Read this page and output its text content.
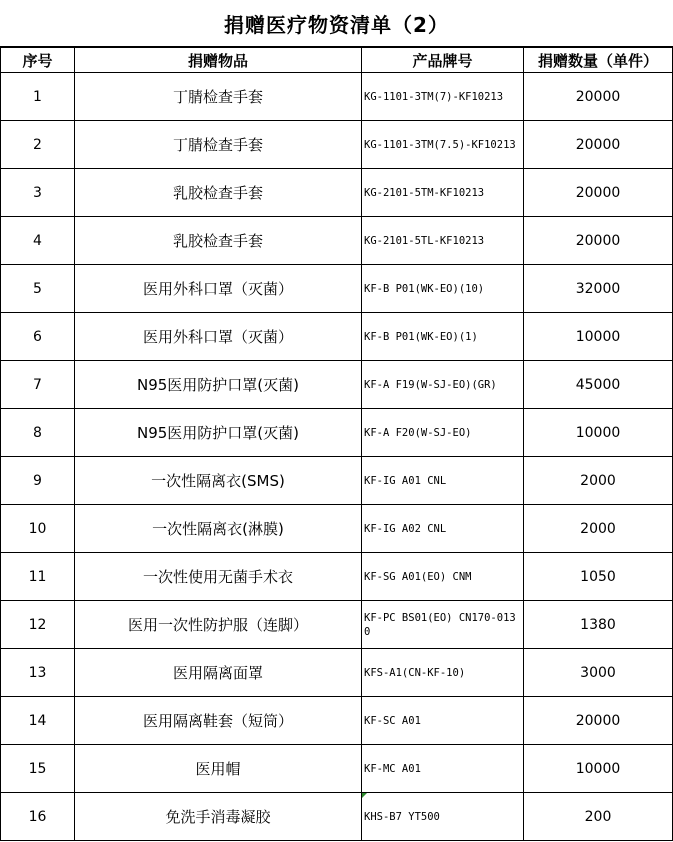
捐赠医疗物资清单（2）
序号	捐赠物品	产品牌号	捐赠数量（单件）
1	丁腈检查手套	KG-1101-3TM(7)-KF10213	20000
2	丁腈检查手套	KG-1101-3TM(7.5)-KF10213	20000
3	乳胶检查手套	KG-2101-5TM-KF10213	20000
4	乳胶检查手套	KG-2101-5TL-KF10213	20000
5	医用外科口罩（灭菌）	KF-B P01(WK-EO)(10)	32000
6	医用外科口罩（灭菌）	KF-B P01(WK-EO)(1)	10000
7	N95医用防护口罩(灭菌)	KF-A F19(W-SJ-EO)(GR)	45000
8	N95医用防护口罩(灭菌)	KF-A F20(W-SJ-EO)	10000
9	一次性隔离衣(SMS)	KF-IG A01 CNL	2000
10	一次性隔离衣(淋膜)	KF-IG A02 CNL	2000
11	一次性使用无菌手术衣	KF-SG A01(EO) CNM	1050
12	医用一次性防护服（连脚）	KF-PC BS01(EO) CN170-0130	1380
13	医用隔离面罩	KFS-A1(CN-KF-10)	3000
14	医用隔离鞋套（短筒）	KF-SC A01	20000
15	医用帽	KF-MC A01	10000
16	免洗手消毒凝胶	KHS-B7 YT500	200
